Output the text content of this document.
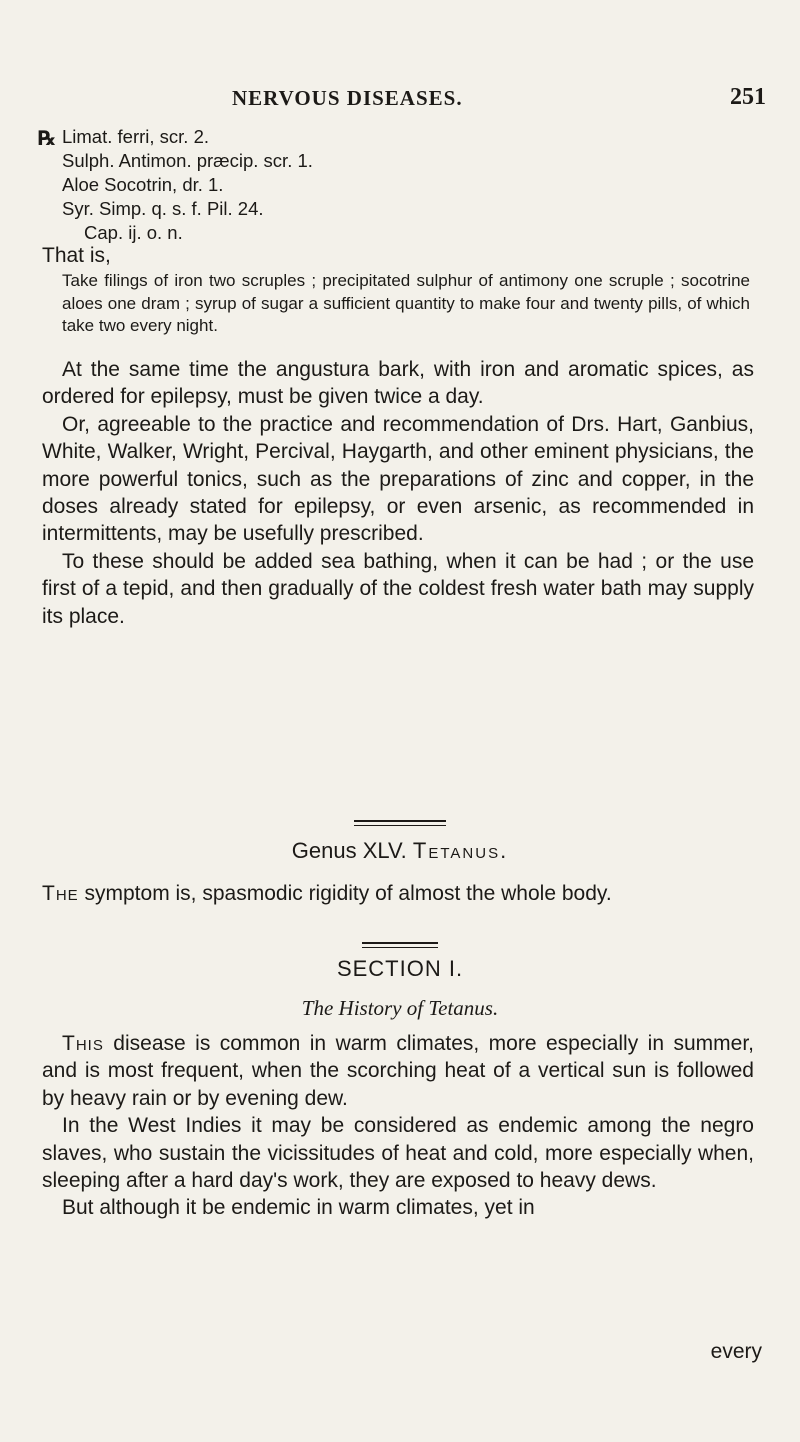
NERVOUS DISEASES.	251
℞ Limat. ferri, scr. 2.
Sulph. Antimon. præcip. scr. 1.
Aloe Socotrin, dr. 1.
Syr. Simp. q. s. f. Pil. 24.
Cap. ij. o. n.
That is,
Take filings of iron two scruples ; precipitated sulphur of antimony one scruple ; socotrine aloes one dram ; syrup of sugar a sufficient quantity to make four and twenty pills, of which take two every night.

At the same time the angustura bark, with iron and aromatic spices, as ordered for epilepsy, must be given twice a day.

Or, agreeable to the practice and recommendation of Drs. Hart, Ganbius, White, Walker, Wright, Percival, Haygarth, and other eminent physicians, the more powerful tonics, such as the preparations of zinc and copper, in the doses already stated for epilepsy, or even arsenic, as recommended in intermittents, may be usefully prescribed.

To these should be added sea bathing, when it can be had ; or the use first of a tepid, and then gradually of the coldest fresh water bath may supply its place.

Genus XLV. Tetanus.

The symptom is, spasmodic rigidity of almost the whole body.

SECTION I.
The History of Tetanus.

This disease is common in warm climates, more especially in summer, and is most frequent, when the scorching heat of a vertical sun is followed by heavy rain or by evening dew.

In the West Indies it may be considered as endemic among the negro slaves, who sustain the vicissitudes of heat and cold, more especially when, sleeping after a hard day's work, they are exposed to heavy dews.

But although it be endemic in warm climates, yet in

every
